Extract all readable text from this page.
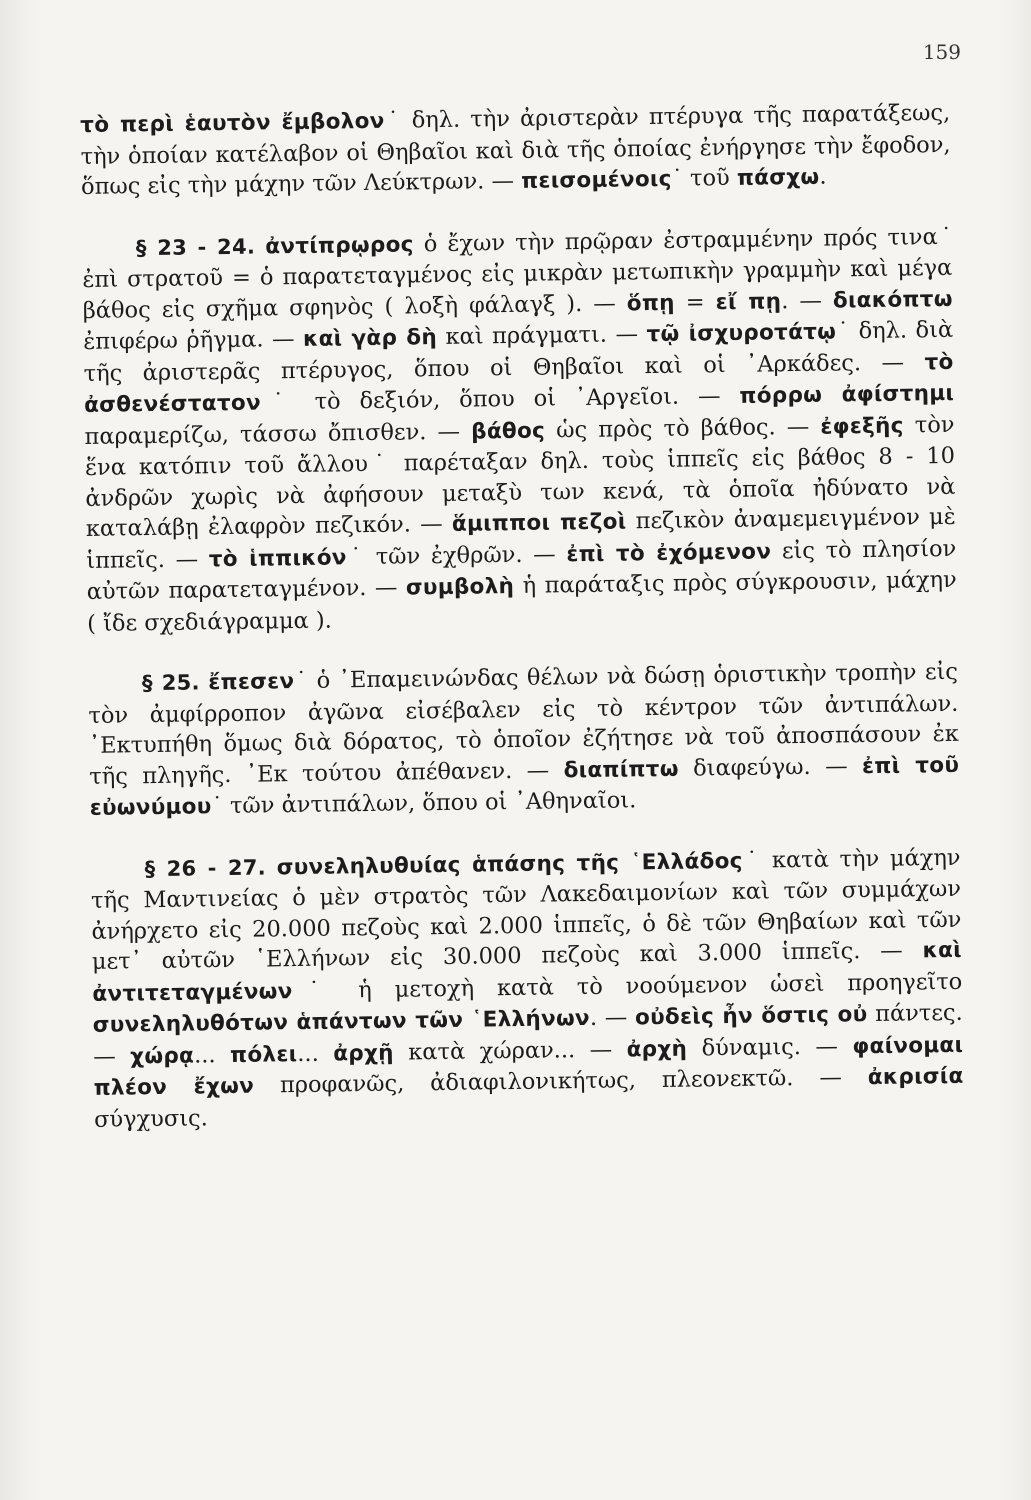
159

τὸ περὶ ἑαυτὸν ἔμβολον˙ δηλ. τὴν ἀριστερὰν πτέρυγα τῆς παρατάξεως, τὴν ὁποίαν κατέλαβον οἱ Θηβαῖοι καὶ διὰ τῆς ὁποίας ἐνήργησε τὴν ἔφοδον, ὅπως εἰς τὴν μάχην τῶν Λεύκτρων. — πεισομένοις˙ τοῦ πάσχω.

§ 23 - 24. ἀντίπρῳρος ὁ ἔχων τὴν πρῷραν ἐστραμμένην πρός τινα˙ ἐπὶ στρατοῦ = ὁ παρατεταγμένος εἰς μικρὰν μετωπικὴν γραμμὴν καὶ μέγα βάθος εἰς σχῆμα σφηνὸς ( λοξὴ φάλαγξ ). — ὅπῃ = εἴ πῃ. — διακόπτω ἐπιφέρω ῥῆγμα. — καὶ γὰρ δὴ καὶ πράγματι. — τῷ ἰσχυροτάτῳ˙ δηλ. διὰ τῆς ἀριστερᾶς πτέρυγος, ὅπου οἱ Θηβαῖοι καὶ οἱ ᾽Αρκάδες. — τὸ ἀσθενέστατον˙ τὸ δεξιόν, ὅπου οἱ ᾽Αργεῖοι. — πόρρω ἀφίστημι παραμερίζω, τάσσω ὄπισθεν. — βάθος ὡς πρὸς τὸ βάθος. — ἐφεξῆς τὸν ἕνα κατόπιν τοῦ ἄλλου˙ παρέταξαν δηλ. τοὺς ἱππεῖς εἰς βάθος 8 - 10 ἀνδρῶν χωρὶς νὰ ἀφήσουν μεταξὺ των κενά, τὰ ὁποῖα ἠδύνατο νὰ καταλάβῃ ἐλαφρὸν πεζικόν. — ἅμιπποι πεζοὶ πεζικὸν ἀναμεμειγμένον μὲ ἱππεῖς. — τὸ ἱππικόν˙ τῶν ἐχθρῶν. — ἐπὶ τὸ ἐχόμενον εἰς τὸ πλησίον αὐτῶν παρατεταγμένον. — συμβολὴ ἡ παράταξις πρὸς σύγκρουσιν, μάχην ( ἴδε σχεδιάγραμμα ).

§ 25. ἔπεσεν˙ ὁ ᾽Επαμεινώνδας θέλων νὰ δώσῃ ὁριστικὴν τροπὴν εἰς τὸν ἀμφίρροπον ἀγῶνα εἰσέβαλεν εἰς τὸ κέντρον τῶν ἀντιπάλων. ᾽Εκτυπήθη ὅμως διὰ δόρατος, τὸ ὁποῖον ἐζήτησε νὰ τοῦ ἀποσπάσουν ἐκ τῆς πληγῆς. ᾽Εκ τούτου ἀπέθανεν. — διαπίπτω διαφεύγω. — ἐπὶ τοῦ εὐωνύμου˙ τῶν ἀντιπάλων, ὅπου οἱ ᾽Αθηναῖοι.

§ 26 - 27. συνεληλυθυίας ἁπάσης τῆς ῾Ελλάδος˙ κατὰ τὴν μάχην τῆς Μαντινείας ὁ μὲν στρατὸς τῶν Λακεδαιμονίων καὶ τῶν συμμάχων ἀνήρχετο εἰς 20.000 πεζοὺς καὶ 2.000 ἱππεῖς, ὁ δὲ τῶν Θηβαίων καὶ τῶν μετ᾽ αὐτῶν ῾Ελλήνων εἰς 30.000 πεζοὺς καὶ 3.000 ἱππεῖς. — καὶ ἀντιτεταγμένων˙ ἡ μετοχὴ κατὰ τὸ νοούμενον ὡσεὶ προηγεῖτο συνεληλυθότων ἁπάντων τῶν ῾Ελλήνων. — οὐδεὶς ἦν ὅστις οὐ πάντες. — χώρᾳ... πόλει... ἀρχῇ κατὰ χώραν... — ἀρχὴ δύναμις. — φαίνομαι πλέον ἔχων προφανῶς, ἀδιαφιλονικήτως, πλεονεκτῶ. — ἀκρισία σύγχυσις.
